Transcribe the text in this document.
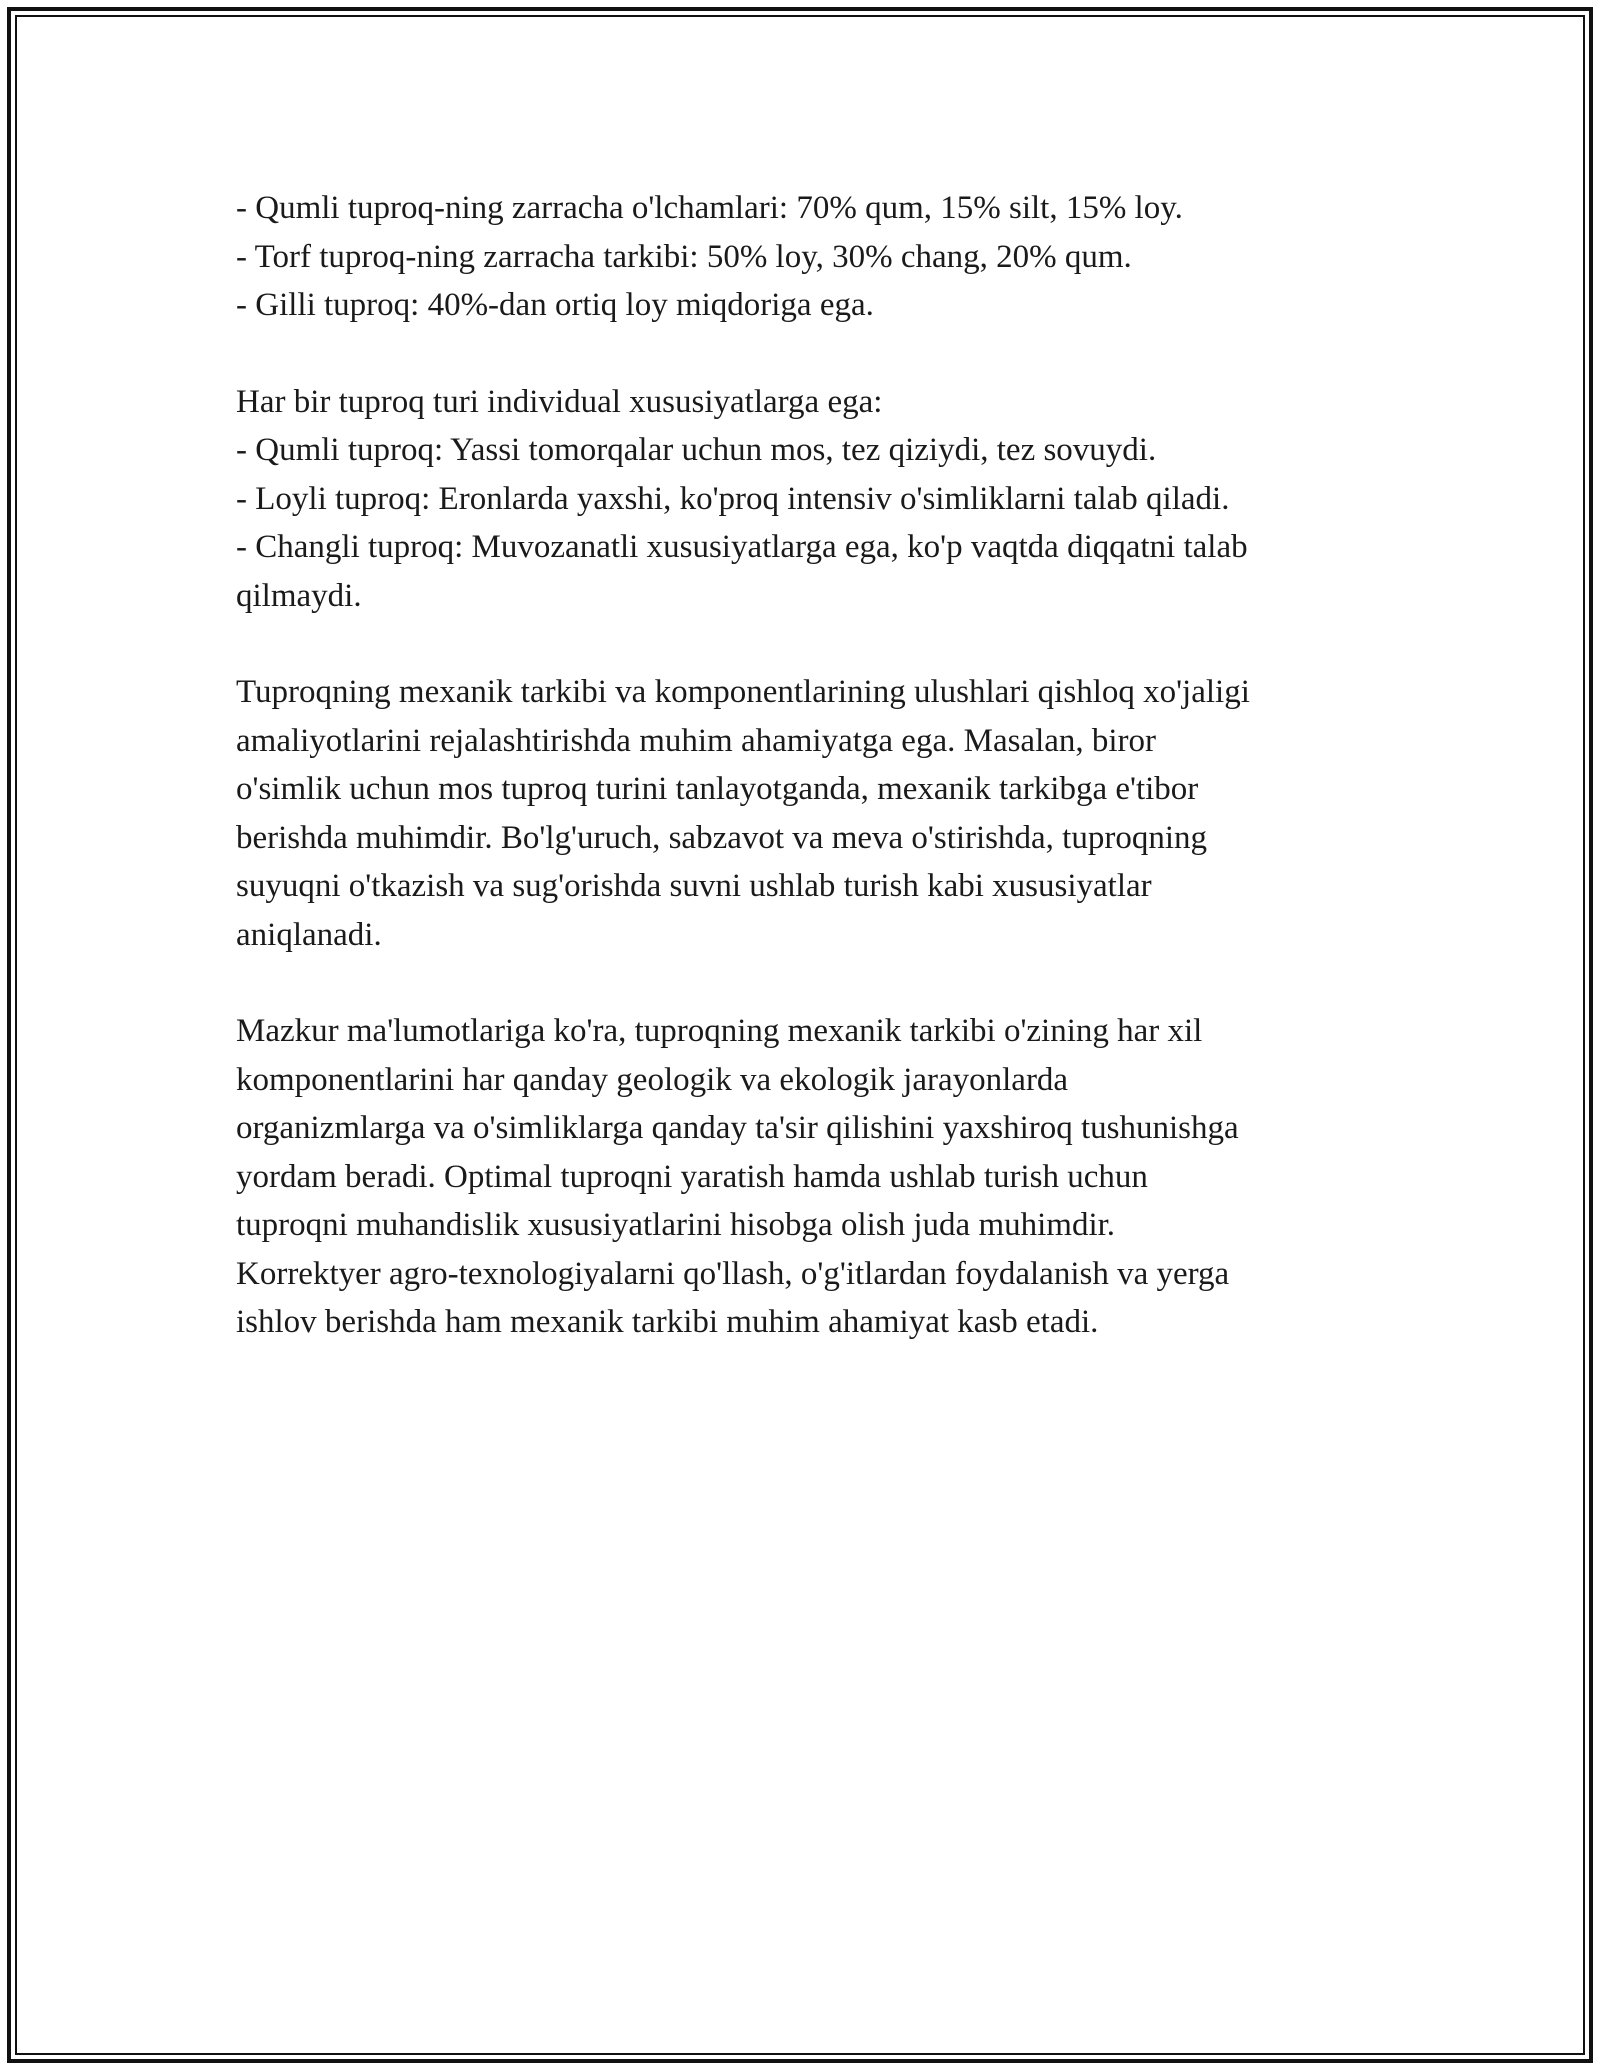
- Qumli tuproq-ning zarracha o'lchamlari: 70% qum, 15% silt, 15% loy.
- Torf tuproq-ning zarracha tarkibi: 50% loy, 30% chang, 20% qum.
- Gilli tuproq: 40%-dan ortiq loy miqdoriga ega.
Har bir tuproq turi individual xususiyatlarga ega:
- Qumli tuproq: Yassi tomorqalar uchun mos, tez qiziydi, tez sovuydi.
- Loyli tuproq: Eronlarda yaxshi, ko'proq intensiv o'simliklarni talab qiladi.
- Changli tuproq: Muvozanatli xususiyatlarga ega, ko'p vaqtda diqqatni talab
qilmaydi.
Tuproqning mexanik tarkibi va komponentlarining ulushlari qishloq xo'jaligi
amaliyotlarini rejalashtirishda muhim ahamiyatga ega. Masalan, biror
o'simlik uchun mos tuproq turini tanlayotganda, mexanik tarkibga e'tibor
berishda muhimdir. Bo'lg'uruch, sabzavot va meva o'stirishda, tuproqning
suyuqni o'tkazish va sug'orishda suvni ushlab turish kabi xususiyatlar
aniqlanadi.
Mazkur ma'lumotlariga ko'ra, tuproqning mexanik tarkibi o'zining har xil
komponentlarini har qanday geologik va ekologik jarayonlarda
organizmlarga va o'simliklarga qanday ta'sir qilishini yaxshiroq tushunishga
yordam beradi. Optimal tuproqni yaratish hamda ushlab turish uchun
tuproqni muhandislik xususiyatlarini hisobga olish juda muhimdir.
Korrektyer agro-texnologiyalarni qo'llash, o'g'itlardan foydalanish va yerga
ishlov berishda ham mexanik tarkibi muhim ahamiyat kasb etadi.
